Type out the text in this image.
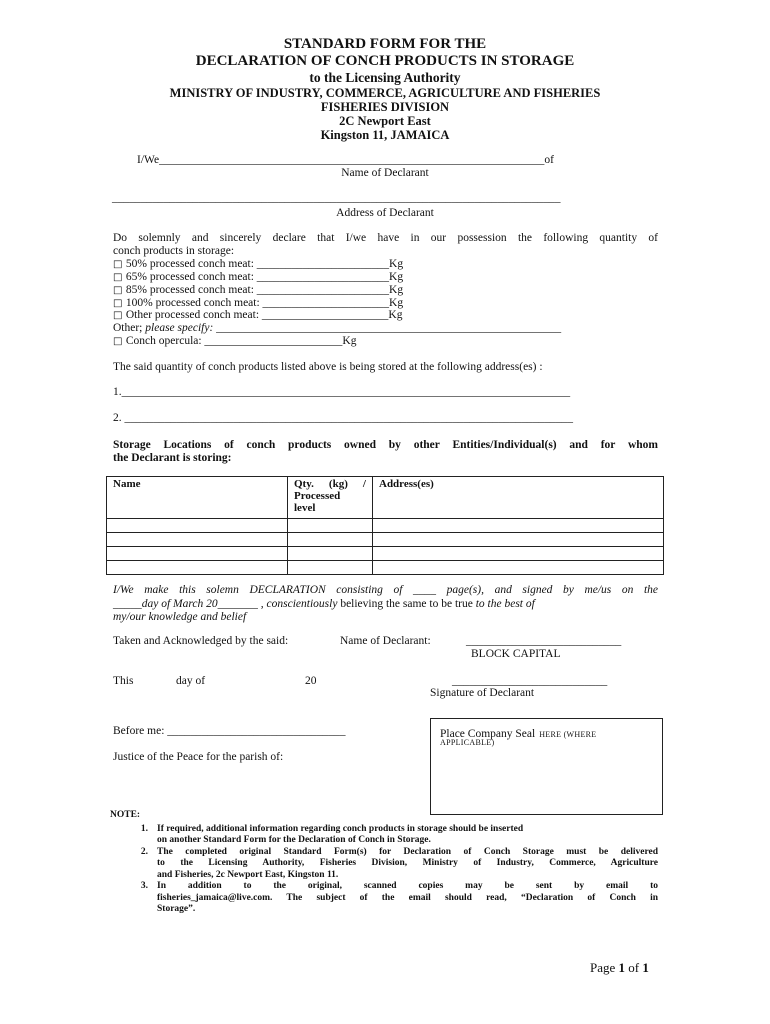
STANDARD FORM FOR THE
DECLARATION OF CONCH PRODUCTS IN STORAGE
to the Licensing Authority
MINISTRY OF INDUSTRY, COMMERCE, AGRICULTURE AND FISHERIES
FISHERIES DIVISION
2C Newport East
Kingston 11, JAMAICA
I/We___________________________________________________________________of
Name of Declarant
______________________________________________________________________________
Address of Declarant
Do solemnly and sincerely declare that I/we have in our possession the following quantity of
conch products in storage:
□ 50% processed conch meat: _______________________Kg
□ 65% processed conch meat: _______________________Kg
□ 85% processed conch meat: _______________________Kg
□ 100% processed conch meat: ______________________Kg
□ Other processed conch meat: ______________________Kg
Other; please specify: ____________________________________________________________
□ Conch opercula: ________________________Kg
The said quantity of conch products listed above is being stored at the following address(es) :
1.______________________________________________________________________________
2. ______________________________________________________________________________
Storage Locations of conch products owned by other Entities/Individual(s) and for whom
the Declarant is storing:
Name	Qty. (kg) /
Processed
level	Address(es)

I/We make this solemn DECLARATION consisting of ____ page(s), and signed by me/us on the
_____day of March 20_______ , conscientiously believing the same to be true to the best of
my/our knowledge and belief
Taken and Acknowledged by the said:	Name of Declarant:	___________________________
BLOCK CAPITAL
This	day of	20	___________________________
Signature of Declarant
Before me: _______________________________
Justice of the Peace for the parish of:
Place Company Seal HERE (WHERE
APPLICABLE)
NOTE:
1. If required, additional information regarding conch products in storage should be inserted
on another Standard Form for the Declaration of Conch in Storage.
2. The completed original Standard Form(s) for Declaration of Conch Storage must be delivered
to the Licensing Authority, Fisheries Division, Ministry of Industry, Commerce, Agriculture
and Fisheries, 2c Newport East, Kingston 11.
3. In addition to the original, scanned copies may be sent by email to
fisheries_jamaica@live.com. The subject of the email should read, “Declaration of Conch in
Storage”.
Page 1 of 1
